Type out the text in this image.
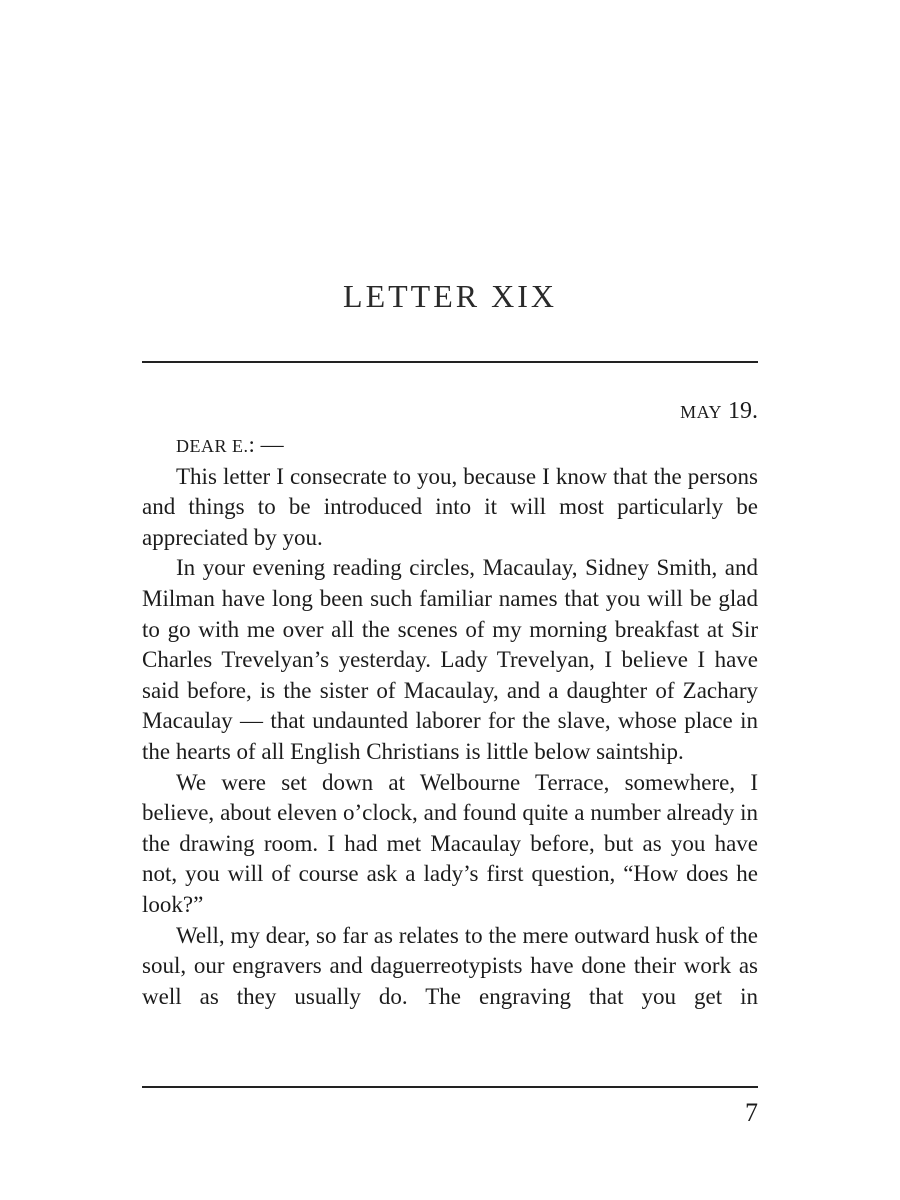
LETTER XIX
MAY 19.

DEAR E.: —

This letter I consecrate to you, because I know that the persons and things to be introduced into it will most particularly be appreciated by you.

In your evening reading circles, Macaulay, Sidney Smith, and Milman have long been such familiar names that you will be glad to go with me over all the scenes of my morning breakfast at Sir Charles Trevelyan’s yesterday. Lady Trevelyan, I believe I have said before, is the sister of Macaulay, and a daughter of Zachary Macaulay — that undaunted laborer for the slave, whose place in the hearts of all English Christians is little below saintship.

We were set down at Welbourne Terrace, somewhere, I believe, about eleven o’clock, and found quite a number already in the drawing room. I had met Macaulay before, but as you have not, you will of course ask a lady’s first question, “How does he look?”

Well, my dear, so far as relates to the mere outward husk of the soul, our engravers and daguerreotypists have done their work as well as they usually do. The engraving that you get in

7
